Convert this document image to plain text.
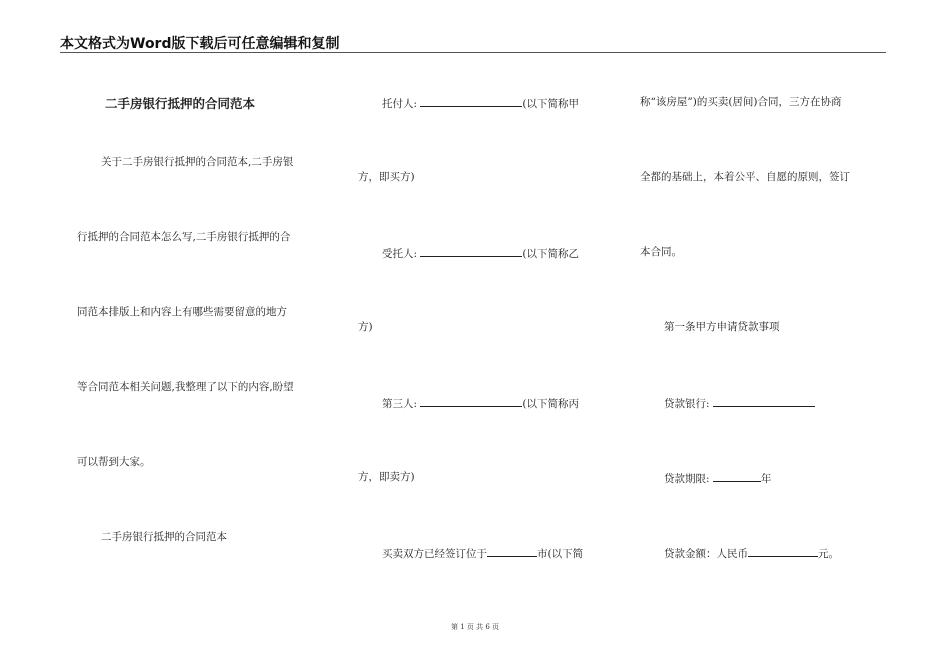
本文格式为Word版下载后可任意编辑和复制
二手房银行抵押的合同范本
关于二手房银行抵押的合同范本,二手房银
行抵押的合同范本怎么写,二手房银行抵押的合
同范本排版上和内容上有哪些需要留意的地方
等合同范本相关问题,我整理了以下的内容,盼望
可以帮到大家。
二手房银行抵押的合同范本
托付人:	(以下简称甲
方，即买方)
受托人:	(以下简称乙
方)
第三人:	(以下简称丙
方，即卖方)
买卖双方已经签订位于	市(以下简
称“该房屋”)的买卖(居间)合同，三方在协商
全都的基础上，本着公平、自愿的原则，签订
本合同。
第一条甲方申请贷款事项
贷款银行:
贷款期限:	年
贷款金额：人民币	元。
第 1 页 共 6 页
